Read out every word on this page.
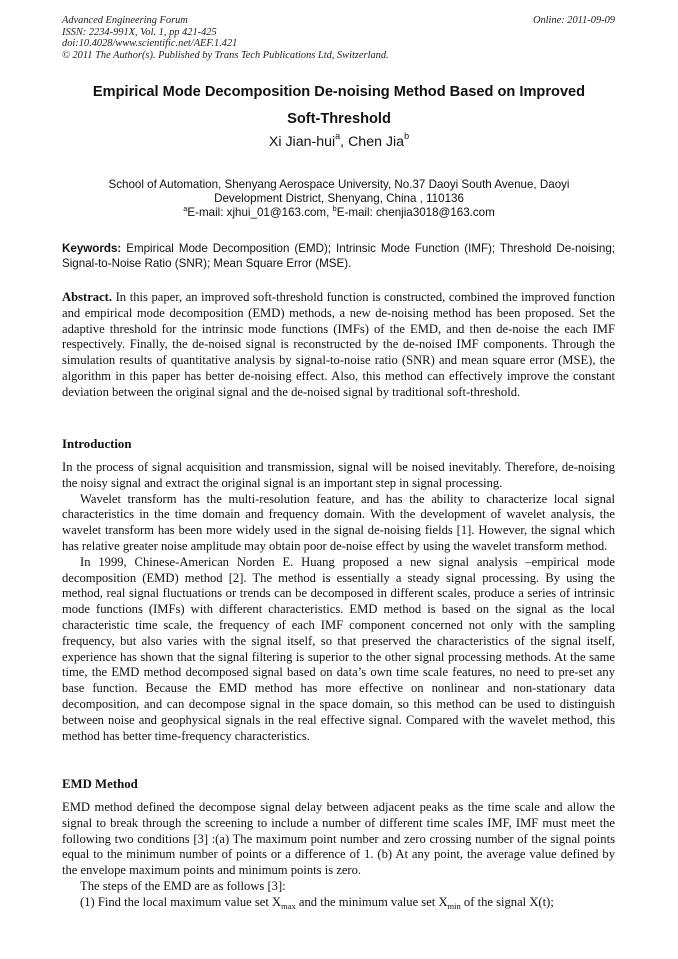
Advanced Engineering Forum
ISSN: 2234-991X, Vol. 1, pp 421-425
doi:10.4028/www.scientific.net/AEF.1.421
© 2011 The Author(s). Published by Trans Tech Publications Ltd, Switzerland.
Online: 2011-09-09
Empirical Mode Decomposition De-noising Method Based on Improved
Soft-Threshold
Xi Jian-hui$^a$, Chen Jia$^b$
School of Automation, Shenyang Aerospace University, No.37 Daoyi South Avenue, Daoyi
Development District, Shenyang, China , 110136
$^a$E-mail: xjhui_01@163.com, $^b$E-mail: chenjia3018@163.com
Keywords: Empirical Mode Decomposition (EMD); Intrinsic Mode Function (IMF); Threshold De-noising; Signal-to-Noise Ratio (SNR); Mean Square Error (MSE).

Abstract. In this paper, an improved soft-threshold function is constructed, combined the improved function and empirical mode decomposition (EMD) methods, a new de-noising method has been proposed. Set the adaptive threshold for the intrinsic mode functions (IMFs) of the EMD, and then de-noise the each IMF respectively. Finally, the de-noised signal is reconstructed by the de-noised IMF components. Through the simulation results of quantitative analysis by signal-to-noise ratio (SNR) and mean square error (MSE), the algorithm in this paper has better de-noising effect. Also, this method can effectively improve the constant deviation between the original signal and the de-noised signal by traditional soft-threshold.

Introduction

In the process of signal acquisition and transmission, signal will be noised inevitably. Therefore, de-noising the noisy signal and extract the original signal is an important step in signal processing.

Wavelet transform has the multi-resolution feature, and has the ability to characterize local signal characteristics in the time domain and frequency domain. With the development of wavelet analysis, the wavelet transform has been more widely used in the signal de-noising fields [1]. However, the signal which has relative greater noise amplitude may obtain poor de-noise effect by using the wavelet transform method.

In 1999, Chinese-American Norden E. Huang proposed a new signal analysis –empirical mode decomposition (EMD) method [2]. The method is essentially a steady signal processing. By using the method, real signal fluctuations or trends can be decomposed in different scales, produce a series of intrinsic mode functions (IMFs) with different characteristics. EMD method is based on the signal as the local characteristic time scale, the frequency of each IMF component concerned not only with the sampling frequency, but also varies with the signal itself, so that preserved the characteristics of the signal itself, experience has shown that the signal filtering is superior to the other signal processing methods. At the same time, the EMD method decomposed signal based on data’s own time scale features, no need to pre-set any base function. Because the EMD method has more effective on nonlinear and non-stationary data decomposition, and can decompose signal in the space domain, so this method can be used to distinguish between noise and geophysical signals in the real effective signal. Compared with the wavelet method, this method has better time-frequency characteristics.

EMD Method

EMD method defined the decompose signal delay between adjacent peaks as the time scale and allow the signal to break through the screening to include a number of different time scales IMF, IMF must meet the following two conditions [3] :(a) The maximum point number and zero crossing number of the signal points equal to the minimum number of points or a difference of 1. (b) At any point, the average value defined by the envelope maximum points and minimum points is zero.

The steps of the EMD are as follows [3]:

(1) Find the local maximum value set $X_{max}$ and the minimum value set $X_{min}$ of the signal X(t);
